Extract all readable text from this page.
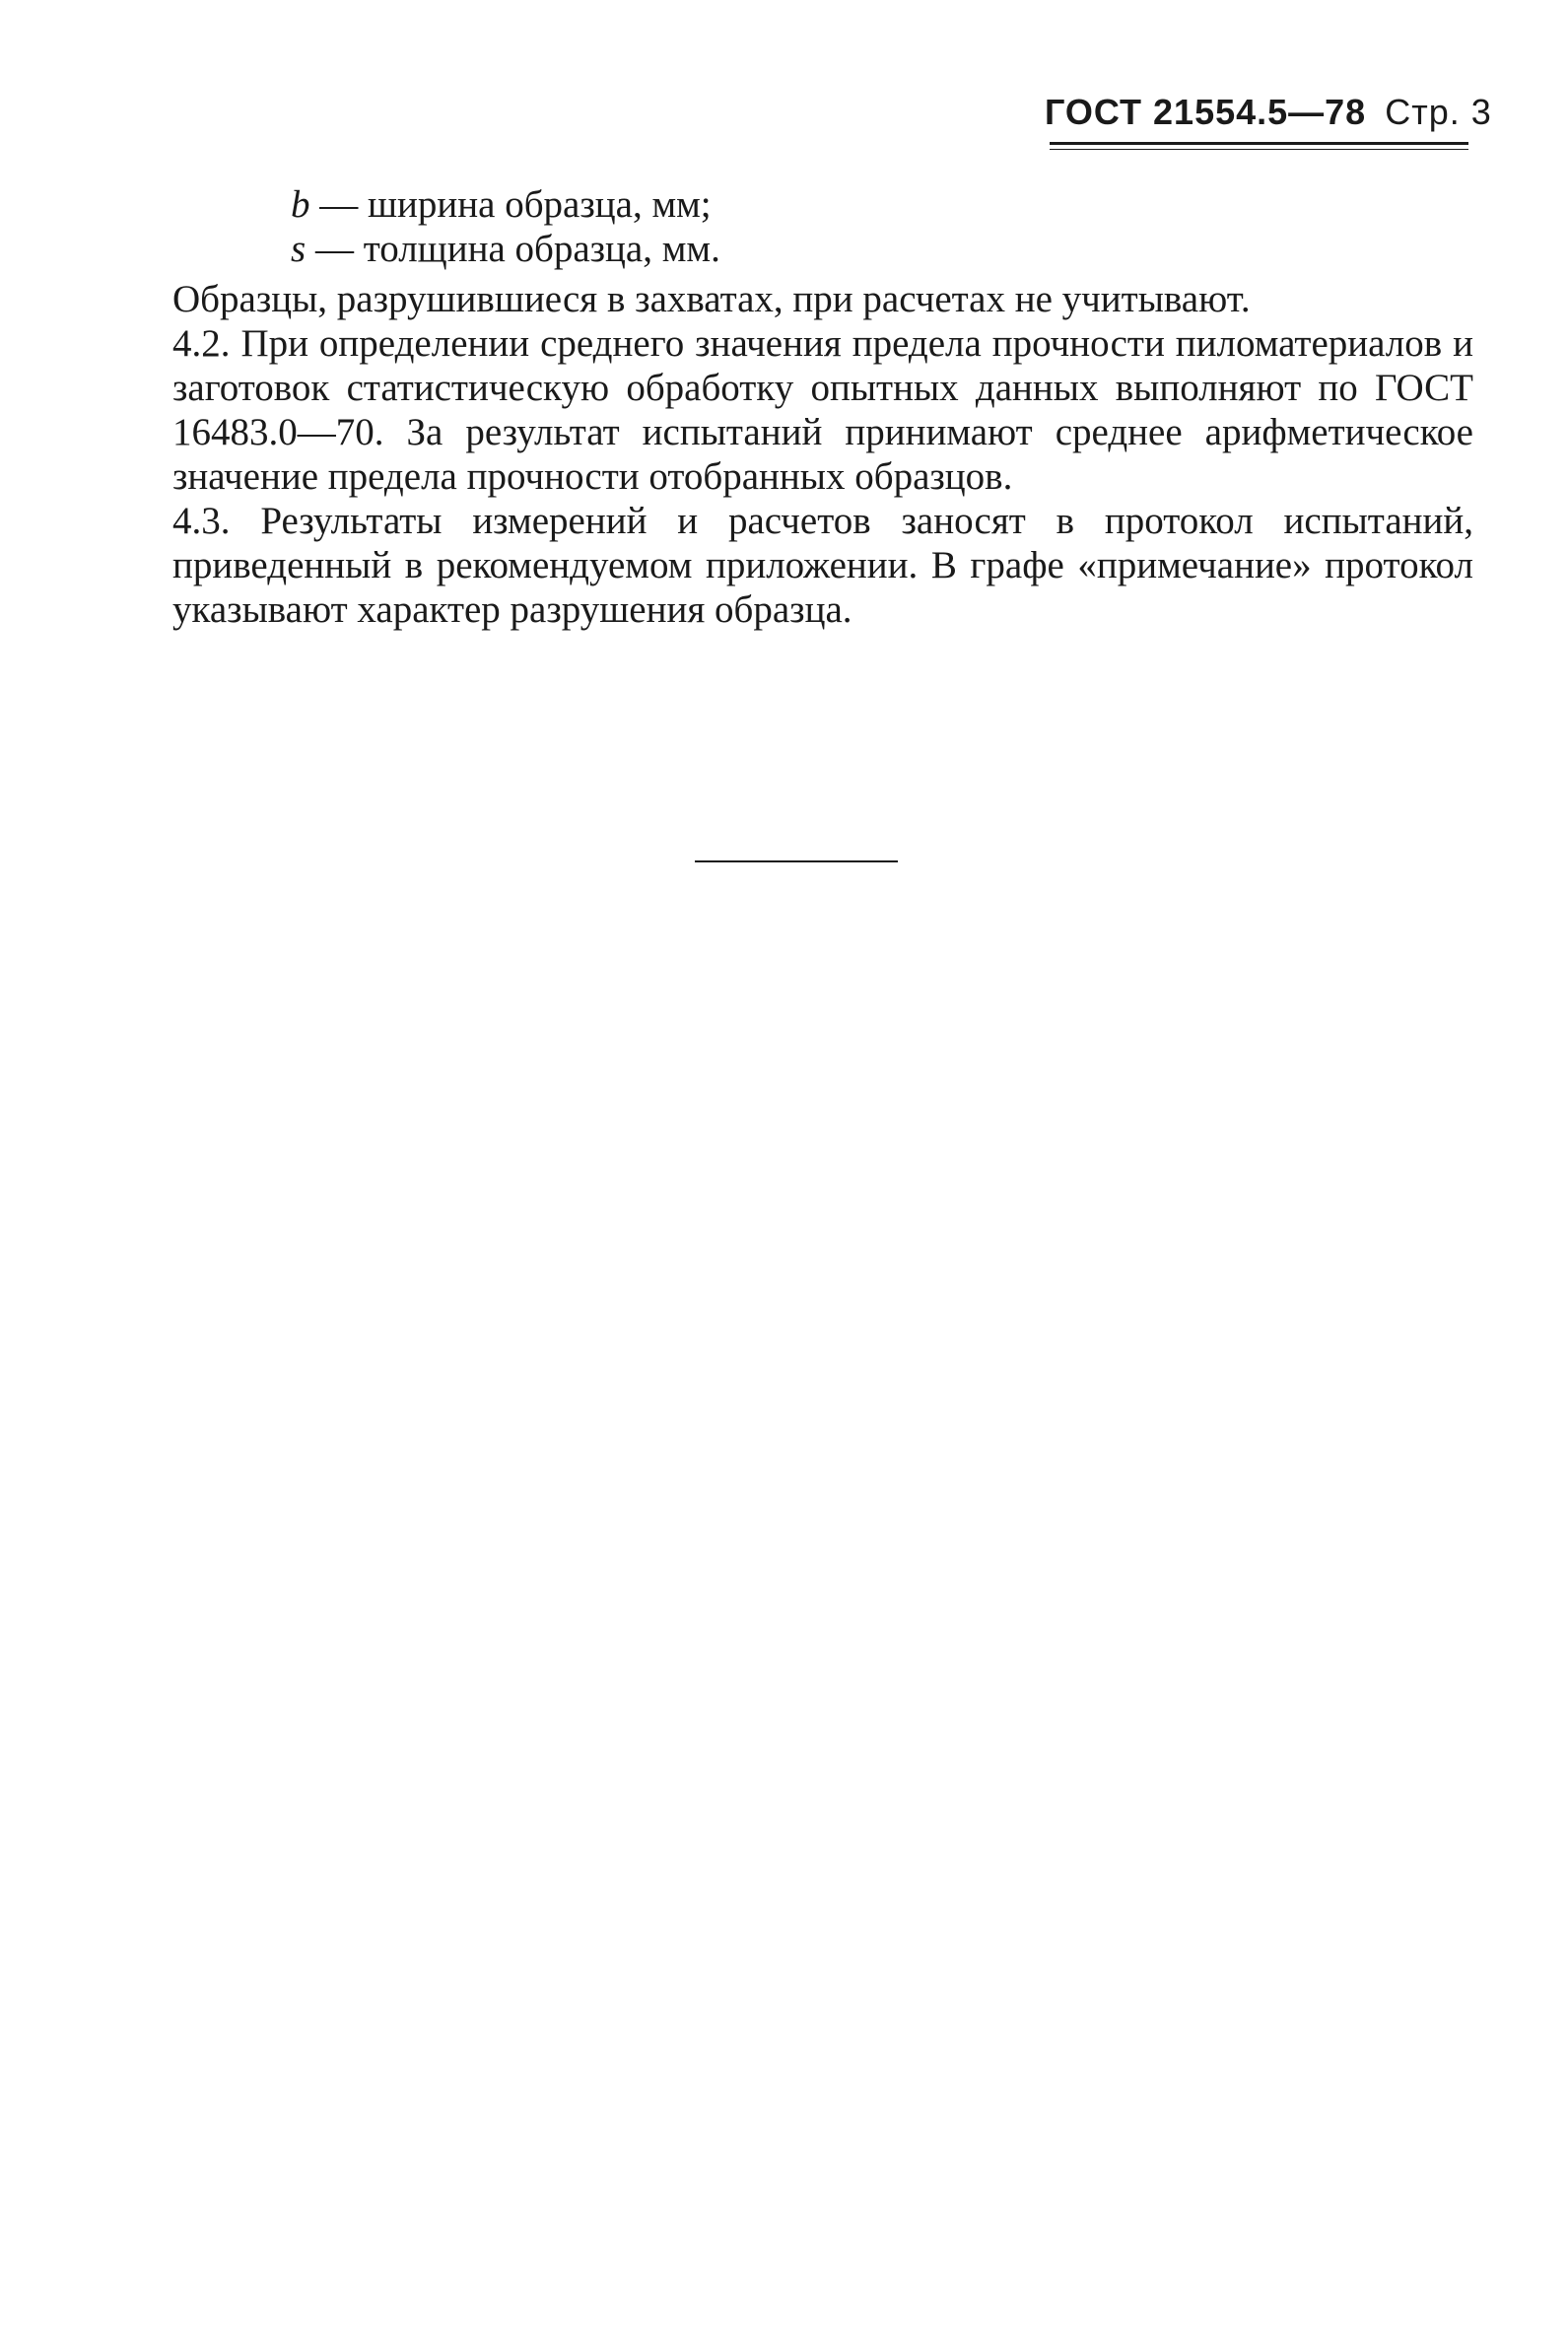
ГОСТ 21554.5—78 Стр. 3
b — ширина образца, мм;
s — толщина образца, мм.

Образцы, разрушившиеся в захватах, при расчетах не учитывают.

4.2. При определении среднего значения предела прочности пиломатериалов и заготовок статистическую обработку опытных данных выполняют по ГОСТ 16483.0—70. За результат испытаний принимают среднее арифметическое значение предела прочности отобранных образцов.

4.3. Результаты измерений и расчетов заносят в протокол испытаний, приведенный в рекомендуемом приложении. В графе «примечание» протокол указывают характер разрушения образца.
